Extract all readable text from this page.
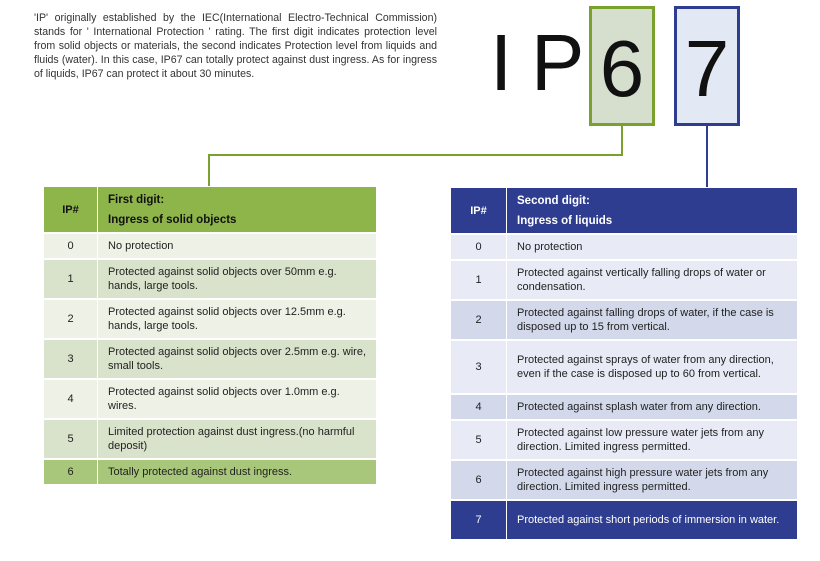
'IP' originally established by the IEC(International Electro-Technical Commission) stands for ' International Protection ' rating. The first digit indicates protection level from solid objects or materials, the second indicates Protection level from liquids and fluids (water). In this case, IP67 can totally protect against dust ingress. As for ingress of liquids, IP67 can protect it about 30 minutes.	I P 6 7
IP#	First digit:
Ingress of solid objects

0	No protection
1	Protected against solid objects over 50mm e.g. hands, large tools.
2	Protected against solid objects over 12.5mm e.g. hands, large tools.
3	Protected against solid objects over 2.5mm e.g. wire, small tools.
4	Protected against solid objects over 1.0mm e.g. wires.
5	Limited protection against dust ingress.(no harmful deposit)
6	Totally protected against dust ingress.
IP#	Second digit:
Ingress of liquids

0	No protection
1	Protected against vertically falling drops of water or condensation.
2	Protected against falling drops of water, if the case is disposed up to 15 from vertical.
3	Protected against sprays of water from any direction, even if the case is disposed up to 60 from vertical.
4	Protected against splash water from any direction.
5	Protected against low pressure water jets from any direction. Limited ingress permitted.
6	Protected against high pressure water jets from any direction. Limited ingress permitted.
7	Protected against short periods of immersion in water.
